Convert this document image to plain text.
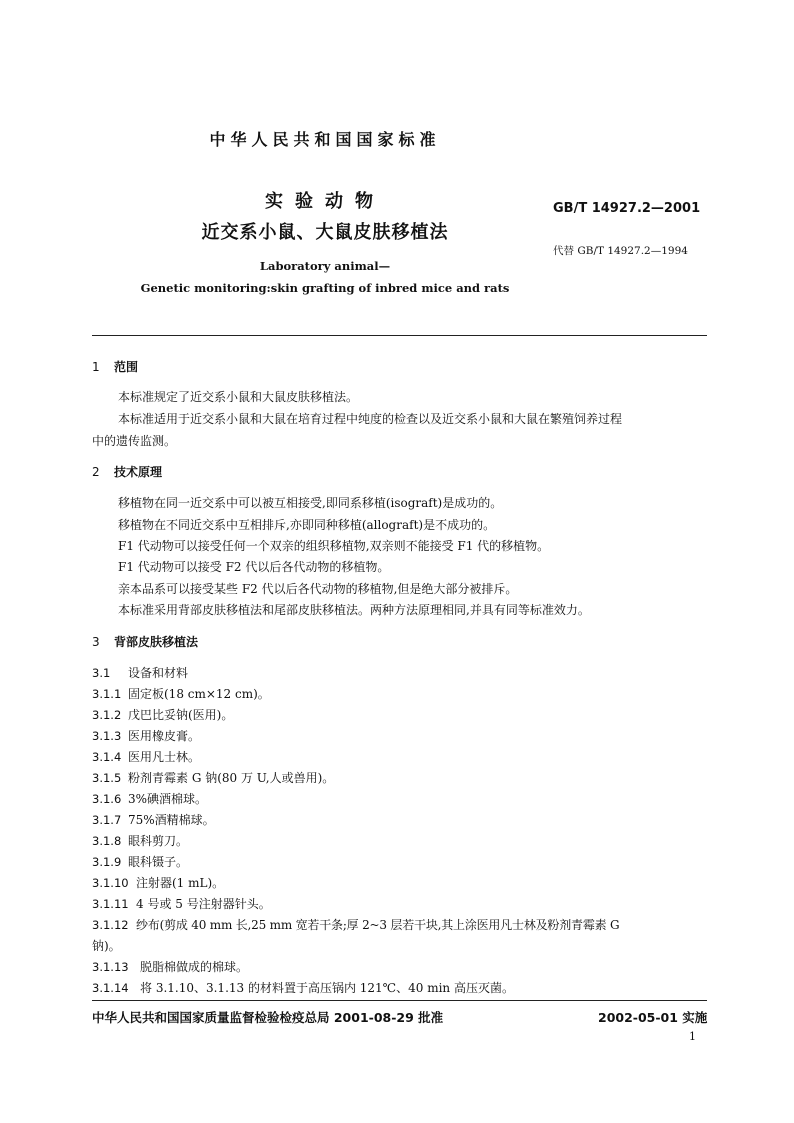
中华人民共和国国家标准
实验动物
近交系小鼠、大鼠皮肤移植法
GB/T 14927.2—2001
代替 GB/T 14927.2—1994
Laboratory animal—
Genetic monitoring:skin grafting of inbred mice and rats
1 范围
本标准规定了近交系小鼠和大鼠皮肤移植法。
本标准适用于近交系小鼠和大鼠在培育过程中纯度的检查以及近交系小鼠和大鼠在繁殖饲养过程
中的遗传监测。
2 技术原理
移植物在同一近交系中可以被互相接受,即同系移植(isograft)是成功的。
移植物在不同近交系中互相排斥,亦即同种移植(allograft)是不成功的。
F1 代动物可以接受任何一个双亲的组织移植物,双亲则不能接受 F1 代的移植物。
F1 代动物可以接受 F2 代以后各代动物的移植物。
亲本品系可以接受某些 F2 代以后各代动物的移植物,但是绝大部分被排斥。
本标准采用背部皮肤移植法和尾部皮肤移植法。两种方法原理相同,并具有同等标准效力。
3 背部皮肤移植法
3.1 设备和材料
3.1.1 固定板(18 cm×12 cm)。
3.1.2 戊巴比妥钠(医用)。
3.1.3 医用橡皮膏。
3.1.4 医用凡士林。
3.1.5 粉剂青霉素 G 钠(80 万 U,人或兽用)。
3.1.6 3%碘酒棉球。
3.1.7 75%酒精棉球。
3.1.8 眼科剪刀。
3.1.9 眼科镊子。
3.1.10 注射器(1 mL)。
3.1.11 4 号或 5 号注射器针头。
3.1.12 纱布(剪成 40 mm 长,25 mm 宽若干条;厚 2~3 层若干块,其上涂医用凡士林及粉剂青霉素 G
钠)。
3.1.13 脱脂棉做成的棉球。
3.1.14 将 3.1.10、3.1.13 的材料置于高压锅内 121℃、40 min 高压灭菌。
中华人民共和国国家质量监督检验检疫总局 2001-08-29 批准	2002-05-01 实施
1
